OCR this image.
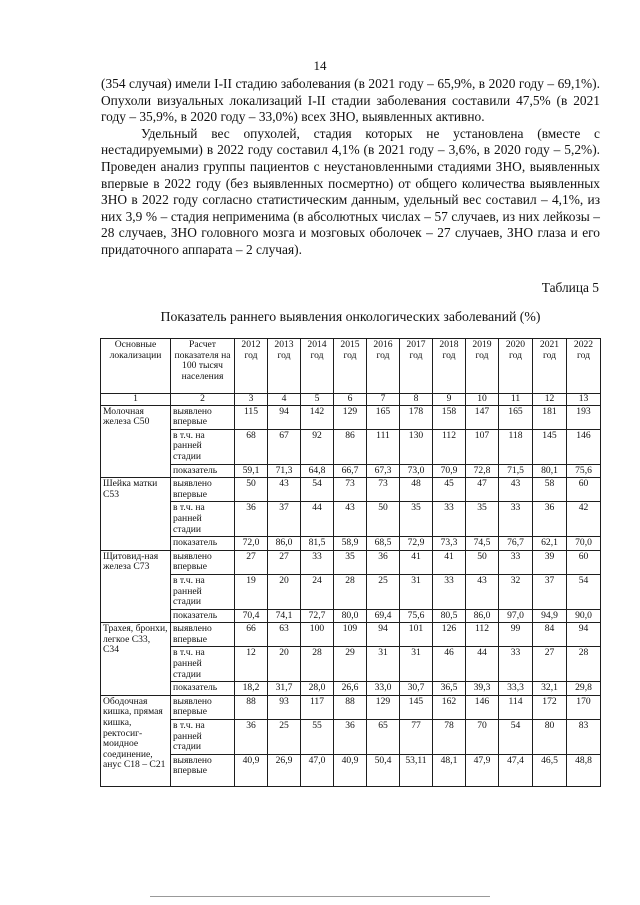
14

(354 случая) имели I-II стадию заболевания (в 2021 году – 65,9%, в 2020 году – 69,1%). Опухоли визуальных локализаций I-II стадии заболевания составили 47,5% (в 2021 году – 35,9%, в 2020 году – 33,0%) всех ЗНО, выявленных активно.

Удельный вес опухолей, стадия которых не установлена (вместе с нестадируемыми) в 2022 году составил 4,1% (в 2021 году – 3,6%, в 2020 году – 5,2%). Проведен анализ группы пациентов с неустановленными стадиями ЗНО, выявленных впервые в 2022 году (без выявленных посмертно) от общего количества выявленных ЗНО в 2022 году согласно статистическим данным, удельный вес составил – 4,1%, из них 3,9 % – стадия неприменима (в абсолютных числах – 57 случаев, из них лейкозы – 28 случаев, ЗНО головного мозга и мозговых оболочек – 27 случаев, ЗНО глаза и его придаточного аппарата – 2 случая).

Таблица 5
Показатель раннего выявления онкологических заболеваний (%)
Основные локализации	Расчет показателя на 100 тысяч населения	2012 год	2013 год	2014 год	2015 год	2016 год	2017 год	2018 год	2019 год	2020 год	2021 год	2022 год
1	2	3	4	5	6	7	8	9	10	11	12	13
Молочная железа С50	выявлено впервые	115	94	142	129	165	178	158	147	165	181	193
	в т.ч. на ранней стадии	68	67	92	86	111	130	112	107	118	145	146
	показатель	59,1	71,3	64,8	66,7	67,3	73,0	70,9	72,8	71,5	80,1	75,6
Шейка матки С53	выявлено впервые	50	43	54	73	73	48	45	47	43	58	60
	в т.ч. на ранней стадии	36	37	44	43	50	35	33	35	33	36	42
	показатель	72,0	86,0	81,5	58,9	68,5	72,9	73,3	74,5	76,7	62,1	70,0
Щитовид-ная железа С73	выявлено впервые	27	27	33	35	36	41	41	50	33	39	60
	в т.ч. на ранней стадии	19	20	24	28	25	31	33	43	32	37	54
	показатель	70,4	74,1	72,7	80,0	69,4	75,6	80,5	86,0	97,0	94,9	90,0
Трахея, бронхи, легкое С33, С34	выявлено впервые	66	63	100	109	94	101	126	112	99	84	94
	в т.ч. на ранней стадии	12	20	28	29	31	31	46	44	33	27	28
	показатель	18,2	31,7	28,0	26,6	33,0	30,7	36,5	39,3	33,3	32,1	29,8
Ободочная кишка, прямая кишка, ректосиг-моидное соединение, анус С18 – С21	выявлено впервые	88	93	117	88	129	145	162	146	114	172	170
	в т.ч. на ранней стадии	36	25	55	36	65	77	78	70	54	80	83
	выявлено впервые	40,9	26,9	47,0	40,9	50,4	53,11	48,1	47,9	47,4	46,5	48,8
